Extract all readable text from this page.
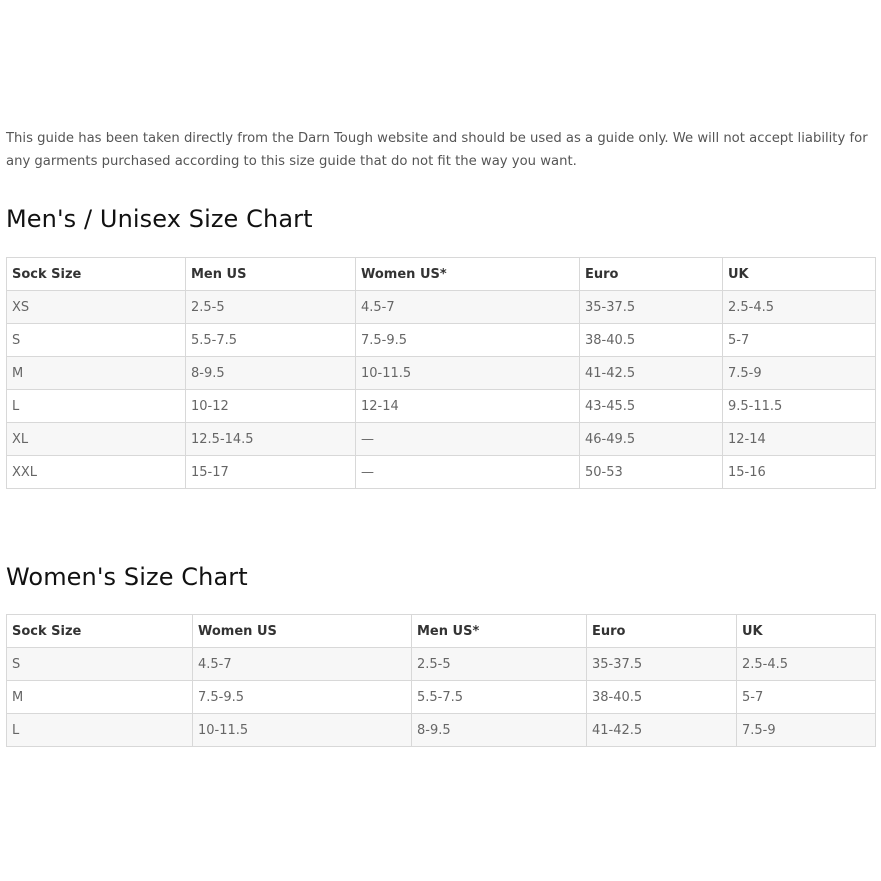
This guide has been taken directly from the Darn Tough website and should be used as a guide only. We will not accept liability for any garments purchased according to this size guide that do not fit the way you want.

Men's / Unisex Size Chart
Sock Size	Men US	Women US*	Euro	UK
XS	2.5-5	4.5-7	35-37.5	2.5-4.5
S	5.5-7.5	7.5-9.5	38-40.5	5-7
M	8-9.5	10-11.5	41-42.5	7.5-9
L	10-12	12-14	43-45.5	9.5-11.5
XL	12.5-14.5	—	46-49.5	12-14
XXL	15-17	—	50-53	15-16
Women's Size Chart
Sock Size	Women US	Men US*	Euro	UK
S	4.5-7	2.5-5	35-37.5	2.5-4.5
M	7.5-9.5	5.5-7.5	38-40.5	5-7
L	10-11.5	8-9.5	41-42.5	7.5-9
